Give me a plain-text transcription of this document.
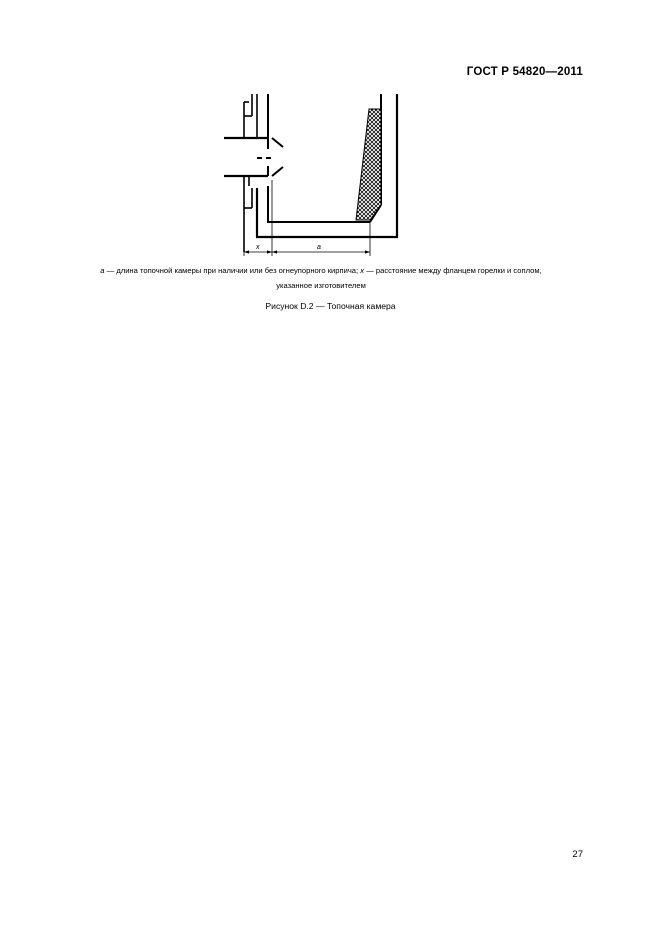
ГОСТ Р 54820—2011
x	a
a — длина топочной камеры при наличии или без огнеупорного кирпича; x — расстояние между фланцем горелки и соплом,
указанное изготовителем
Рисунок D.2 — Топочная камера
27
